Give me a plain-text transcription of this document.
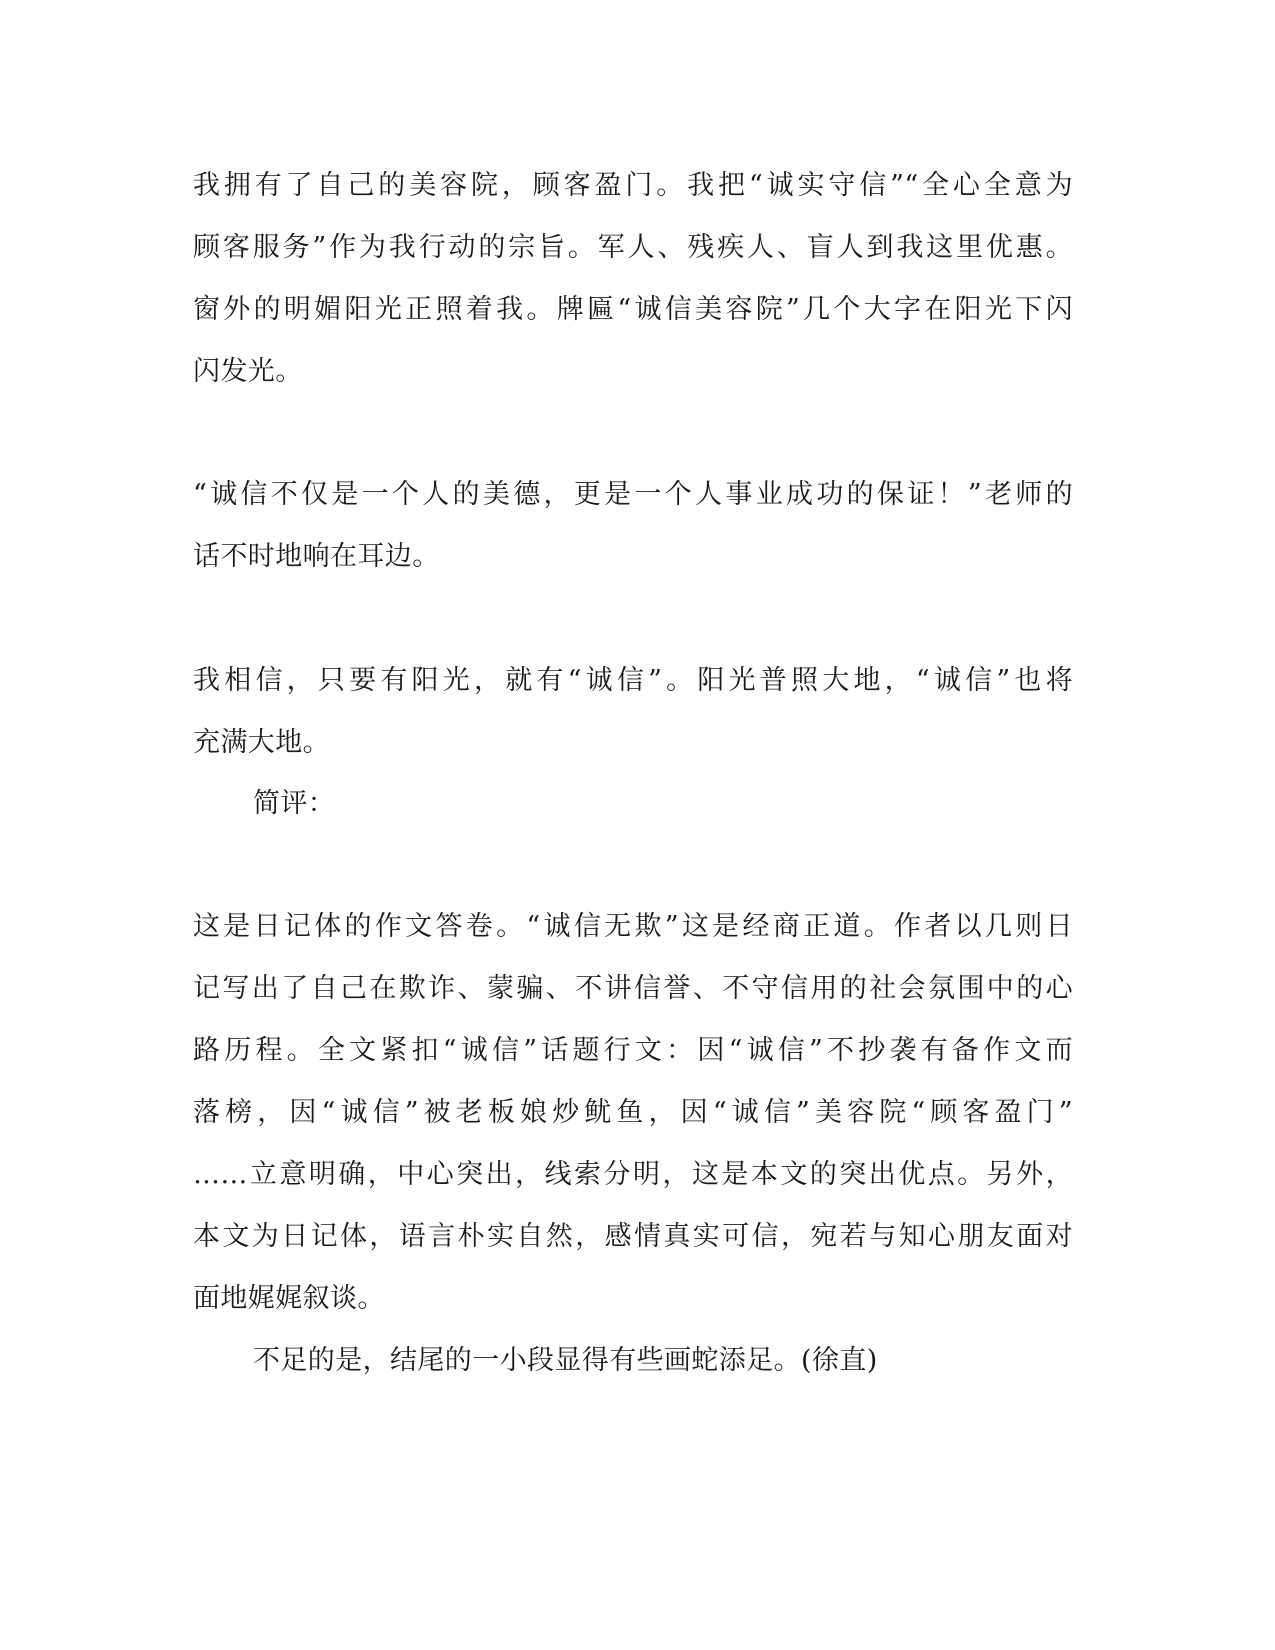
我拥有了自己的美容院，顾客盈门。我把“诚实守信”“全心全意为
顾客服务”作为我行动的宗旨。军人、残疾人、盲人到我这里优惠。
窗外的明媚阳光正照着我。牌匾“诚信美容院”几个大字在阳光下闪
闪发光。
“诚信不仅是一个人的美德，更是一个人事业成功的保证！”老师的
话不时地响在耳边。
我相信，只要有阳光，就有“诚信”。阳光普照大地，“诚信”也将
充满大地。
简评：
这是日记体的作文答卷。“诚信无欺”这是经商正道。作者以几则日
记写出了自己在欺诈、蒙骗、不讲信誉、不守信用的社会氛围中的心
路历程。全文紧扣“诚信”话题行文：因“诚信”不抄袭有备作文而
落榜，因“诚信”被老板娘炒鱿鱼，因“诚信”美容院“顾客盈门”
……立意明确，中心突出，线索分明，这是本文的突出优点。另外，
本文为日记体，语言朴实自然，感情真实可信，宛若与知心朋友面对
面地娓娓叙谈。
不足的是，结尾的一小段显得有些画蛇添足。(徐直)
